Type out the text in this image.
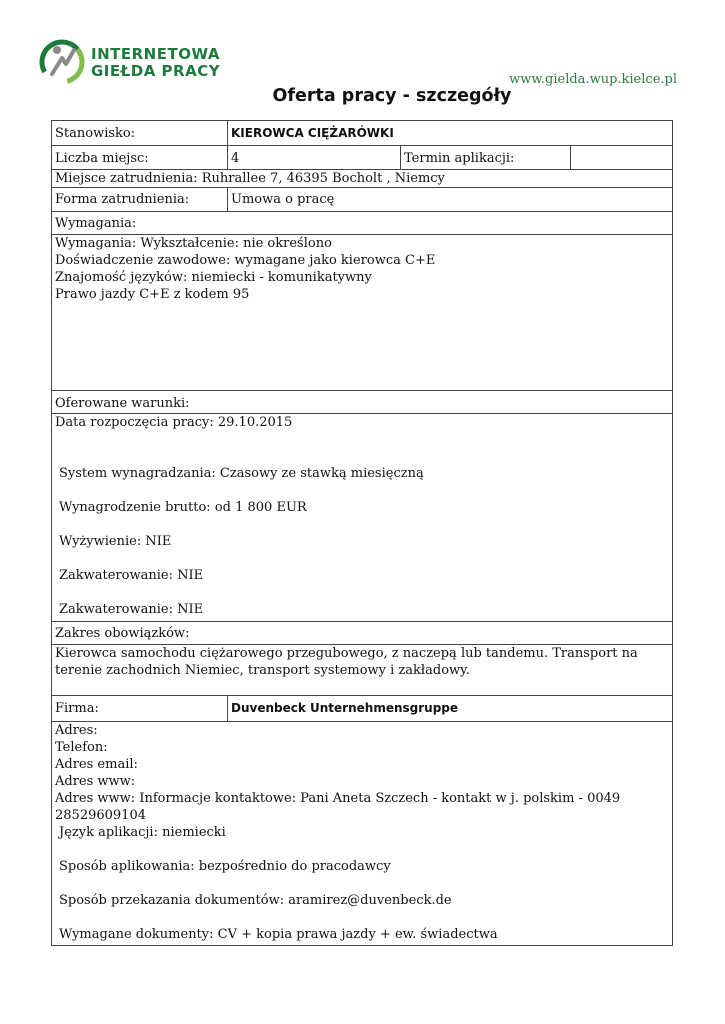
INTERNETOWA
GIEŁDA PRACY	www.gielda.wup.kielce.pl
Oferta pracy - szczegóły
Stanowisko:	KIEROWCA CIĘŻARÓWKI
Liczba miejsc:	4	Termin aplikacji:
Miejsce zatrudnienia: Ruhrallee 7, 46395 Bocholt , Niemcy
Forma zatrudnienia:	Umowa o pracę
Wymagania:
Wymagania: Wykształcenie: nie określono
Doświadczenie zawodowe: wymagane jako kierowca C+E
Znajomość języków: niemiecki - komunikatywny
Prawo jazdy C+E z kodem 95
Oferowane warunki:
Data rozpoczęcia pracy: 29.10.2015
System wynagradzania: Czasowy ze stawką miesięczną
Wynagrodzenie brutto: od 1 800 EUR
Wyżywienie: NIE
Zakwaterowanie: NIE
Zakwaterowanie: NIE
Zakres obowiązków:
Kierowca samochodu ciężarowego przegubowego, z naczepą lub tandemu. Transport na terenie zachodnich Niemiec, transport systemowy i zakładowy.
Firma:	Duvenbeck Unternehmensgruppe
Adres:
Telefon:
Adres email:
Adres www:
Adres www: Informacje kontaktowe: Pani Aneta Szczech - kontakt w j. polskim - 0049 28529609104
Język aplikacji: niemiecki
Sposób aplikowania: bezpośrednio do pracodawcy
Sposób przekazania dokumentów: aramirez@duvenbeck.de
Wymagane dokumenty: CV + kopia prawa jazdy + ew. świadectwa
